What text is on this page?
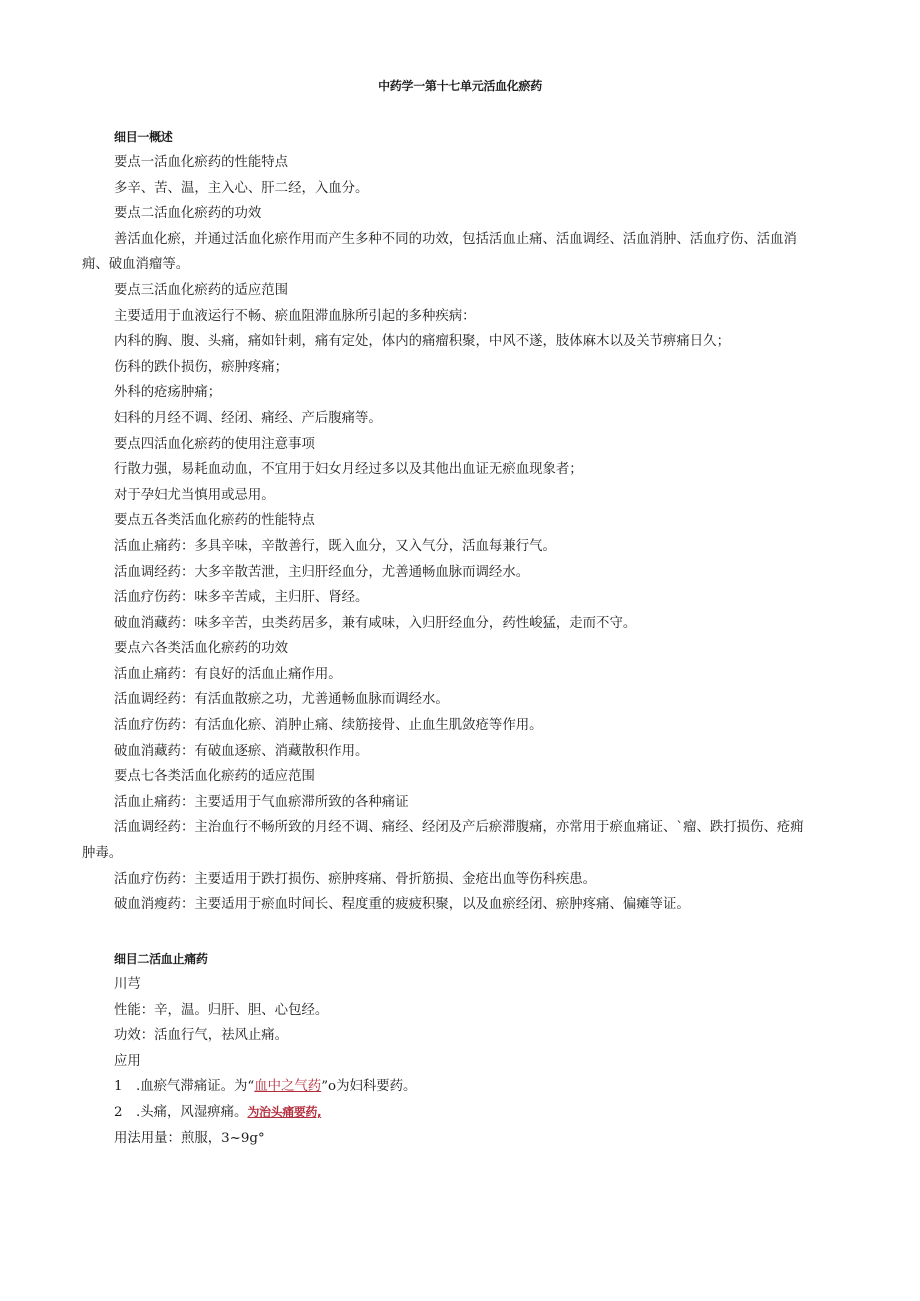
中药学一第十七单元活血化瘀药
细目一概述
要点一活血化瘀药的性能特点
多辛、苦、温，主入心、肝二经，入血分。
要点二活血化瘀药的功效
善活血化瘀，并通过活血化瘀作用而产生多种不同的功效，包括活血止痛、活血调经、活血消肿、活血疗伤、活血消
痈、破血消瘤等。
要点三活血化瘀药的适应范围
主要适用于血液运行不畅、瘀血阻滞血脉所引起的多种疾病：
内科的胸、腹、头痛，痛如针刺，痛有定处，体内的痛瘤积聚，中风不遂，肢体麻木以及关节痹痛日久；
伤科的跌仆损伤，瘀肿疼痛；
外科的疮疡肿痛；
妇科的月经不调、经闭、痛经、产后腹痛等。
要点四活血化瘀药的使用注意事项
行散力强，易耗血动血，不宜用于妇女月经过多以及其他出血证无瘀血现象者；
对于孕妇尤当慎用或忌用。
要点五各类活血化瘀药的性能特点
活血止痛药：多具辛味，辛散善行，既入血分，又入气分，活血每兼行气。
活血调经药：大多辛散苦泄，主归肝经血分，尤善通畅血脉而调经水。
活血疗伤药：味多辛苦咸，主归肝、肾经。
破血消藏药：味多辛苦，虫类药居多，兼有咸味，入归肝经血分，药性峻猛，走而不守。
要点六各类活血化瘀药的功效
活血止痛药：有良好的活血止痛作用。
活血调经药：有活血散瘀之功，尤善通畅血脉而调经水。
活血疗伤药：有活血化瘀、消肿止痛、续筋接骨、止血生肌敛疮等作用。
破血消藏药：有破血逐瘀、消藏散积作用。
要点七各类活血化瘀药的适应范围
活血止痛药：主要适用于气血瘀滞所致的各种痛证
活血调经药：主治血行不畅所致的月经不调、痛经、经闭及产后瘀滞腹痛，亦常用于瘀血痛证、`瘤、跌打损伤、疮痈
肿毒。
活血疗伤药：主要适用于跌打损伤、瘀肿疼痛、骨折筋损、金疮出血等伤科疾患。
破血消瘦药：主要适用于瘀血时间长、程度重的疲疲积聚，以及血瘀经闭、瘀肿疼痛、偏瘫等证。
细目二活血止痛药
川芎
性能：辛，温。归肝、胆、心包经。
功效：活血行气，祛风止痛。
应用
1 .血瘀气滞痛证。为“血中之气药”o为妇科要药。
2 .头痛，风湿痹痛。为治头痛要药,
用法用量：煎服，3~9g°
